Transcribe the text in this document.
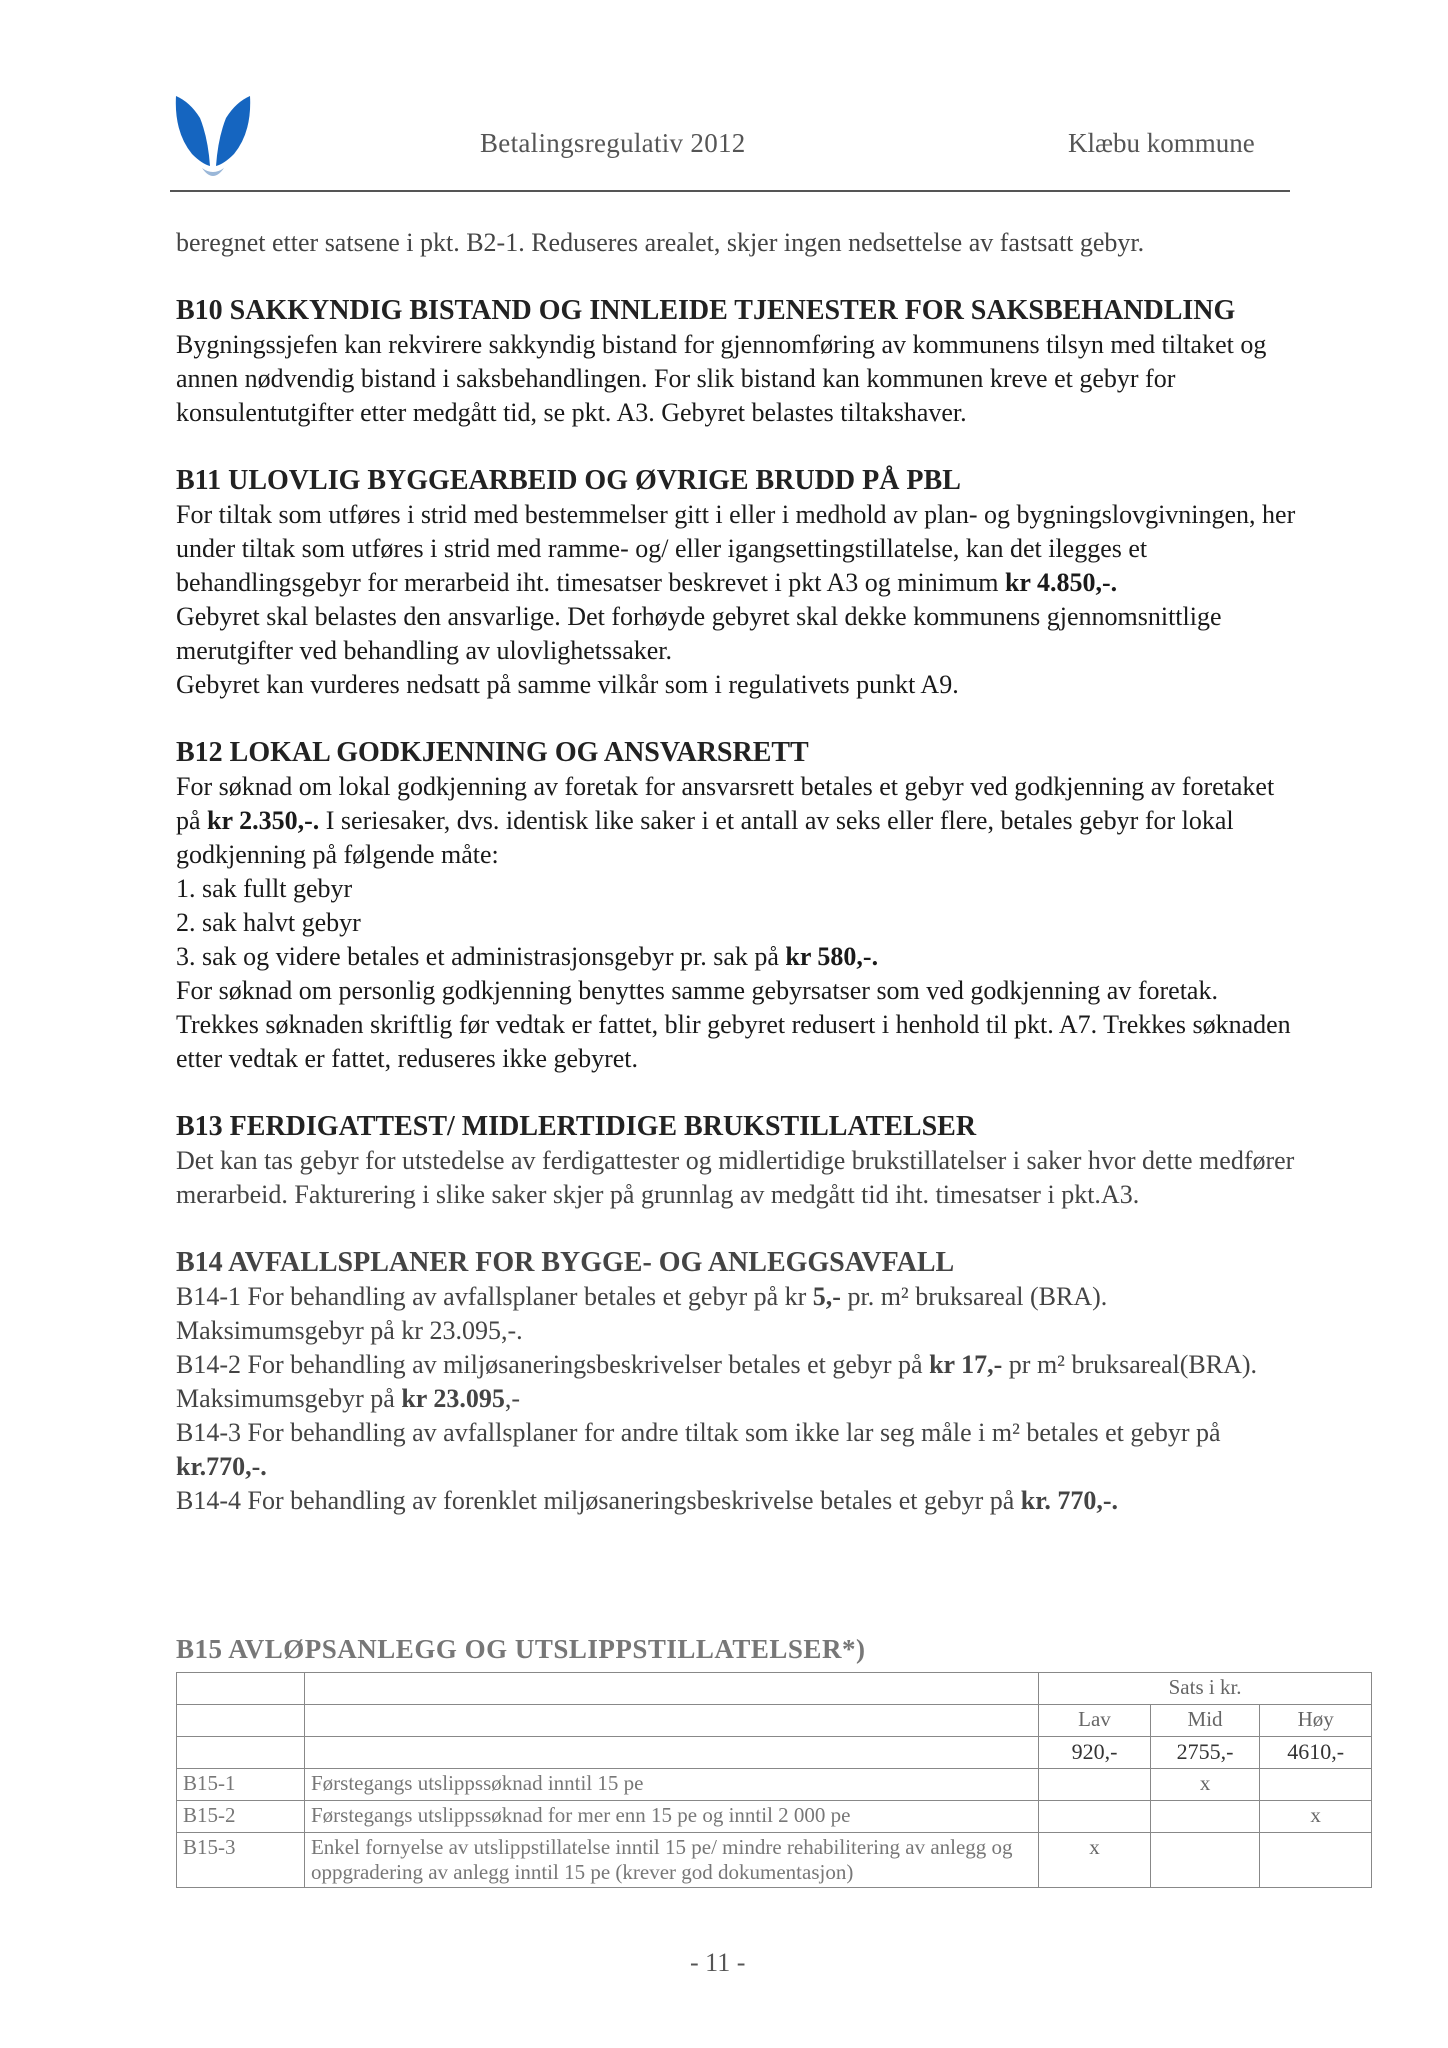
Betalingsregulativ 2012	Klæbu kommune

beregnet etter satsene i pkt. B2-1. Reduseres arealet, skjer ingen nedsettelse av fastsatt gebyr.

B10 SAKKYNDIG BISTAND OG INNLEIDE TJENESTER FOR SAKSBEHANDLING

Bygningssjefen kan rekvirere sakkyndig bistand for gjennomføring av kommunens tilsyn med tiltaket og annen nødvendig bistand i saksbehandlingen. For slik bistand kan kommunen kreve et gebyr for konsulentutgifter etter medgått tid, se pkt. A3. Gebyret belastes tiltakshaver.

B11 ULOVLIG BYGGEARBEID OG ØVRIGE BRUDD PÅ PBL

For tiltak som utføres i strid med bestemmelser gitt i eller i medhold av plan- og bygningslovgivningen, her under tiltak som utføres i strid med ramme- og/ eller igangsettingstillatelse, kan det ilegges et behandlingsgebyr for merarbeid iht. timesatser beskrevet i pkt A3 og minimum kr 4.850,-.

Gebyret skal belastes den ansvarlige. Det forhøyde gebyret skal dekke kommunens gjennomsnittlige merutgifter ved behandling av ulovlighetssaker.

Gebyret kan vurderes nedsatt på samme vilkår som i regulativets punkt A9.

B12 LOKAL GODKJENNING OG ANSVARSRETT

For søknad om lokal godkjenning av foretak for ansvarsrett betales et gebyr ved godkjenning av foretaket på kr 2.350,-. I seriesaker, dvs. identisk like saker i et antall av seks eller flere, betales gebyr for lokal godkjenning på følgende måte:

1. sak fullt gebyr

2. sak halvt gebyr

3. sak og videre betales et administrasjonsgebyr pr. sak på kr 580,-.

For søknad om personlig godkjenning benyttes samme gebyrsatser som ved godkjenning av foretak. Trekkes søknaden skriftlig før vedtak er fattet, blir gebyret redusert i henhold til pkt. A7. Trekkes søknaden etter vedtak er fattet, reduseres ikke gebyret.

B13 FERDIGATTEST/ MIDLERTIDIGE BRUKSTILLATELSER

Det kan tas gebyr for utstedelse av ferdigattester og midlertidige brukstillatelser i saker hvor dette medfører merarbeid. Fakturering i slike saker skjer på grunnlag av medgått tid iht. timesatser i pkt.A3.

B14 AVFALLSPLANER FOR BYGGE- OG ANLEGGSAVFALL

B14-1 For behandling av avfallsplaner betales et gebyr på kr 5,- pr. m² bruksareal (BRA). Maksimumsgebyr på kr 23.095,-.

B14-2 For behandling av miljøsaneringsbeskrivelser betales et gebyr på kr 17,- pr m² bruksareal(BRA). Maksimumsgebyr på kr 23.095,-

B14-3 For behandling av avfallsplaner for andre tiltak som ikke lar seg måle i m² betales et gebyr på kr.770,-.

B14-4 For behandling av forenklet miljøsaneringsbeskrivelse betales et gebyr på kr. 770,-.

B15 AVLØPSANLEGG OG UTSLIPPSTILLATELSER*)
		Sats i kr.		
		Lav	Mid	Høy
		920,-	2755,-	4610,-
B15-1	Førstegangs utslippssøknad inntil 15 pe		x	
B15-2	Førstegangs utslippssøknad for mer enn 15 pe og inntil 2 000 pe			x
B15-3	Enkel fornyelse av utslippstillatelse inntil 15 pe/ mindre rehabilitering av anlegg og oppgradering av anlegg inntil 15 pe (krever god dokumentasjon)	x		
- 11 -
